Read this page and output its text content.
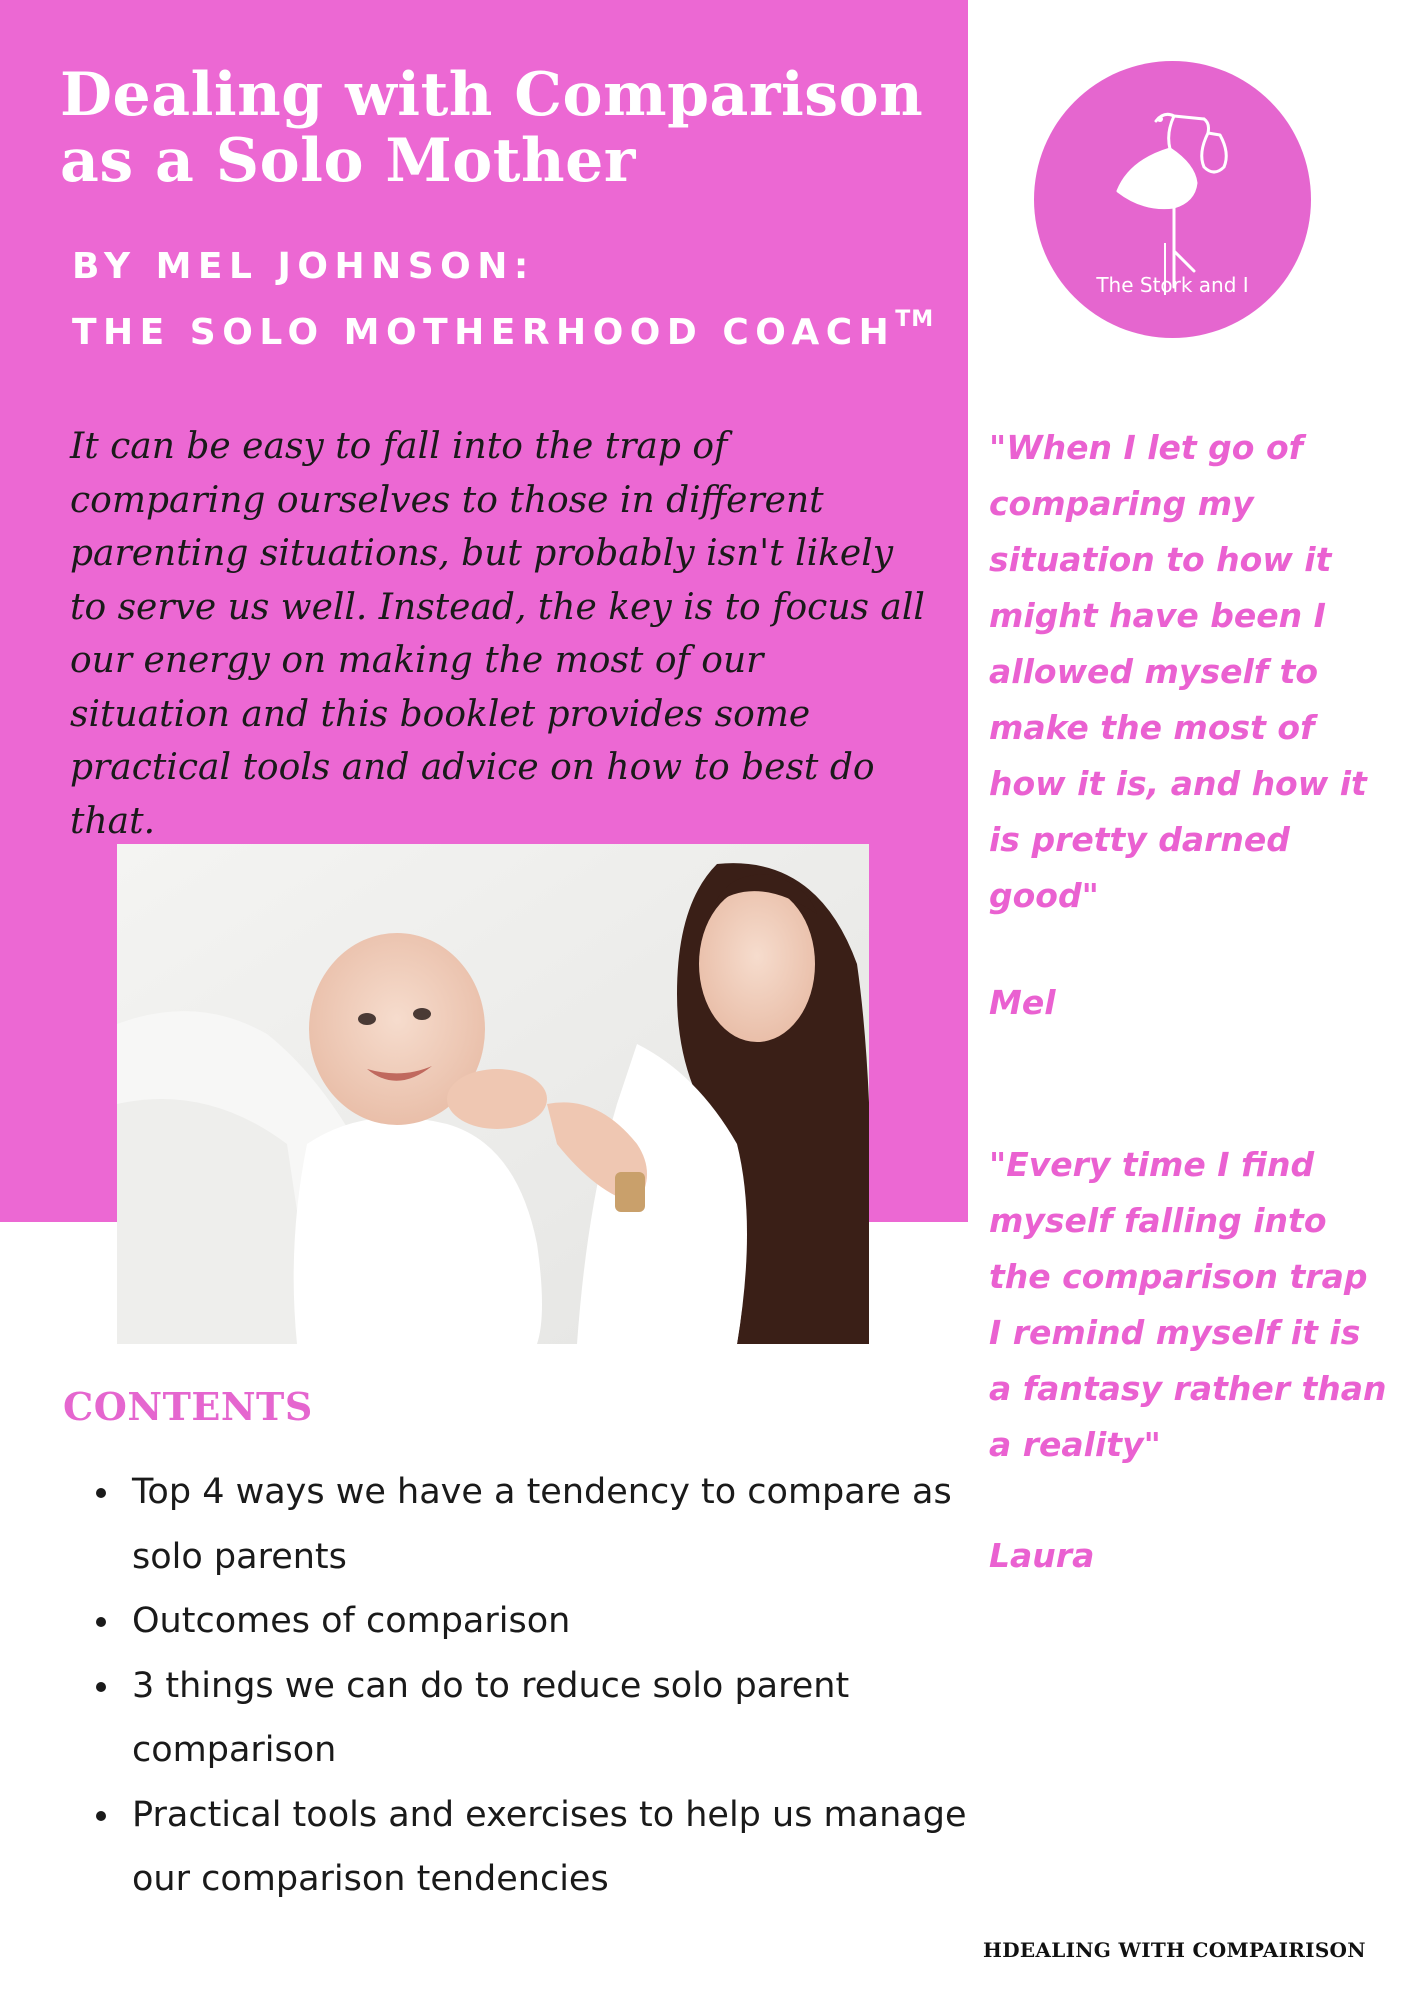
Dealing with Comparison
as a Solo Mother
BY MEL JOHNSON:
THE SOLO MOTHERHOOD COACH™

It can be easy to fall into the trap of comparing ourselves to those in different parenting situations, but probably isn't likely to serve us well. Instead, the key is to focus all our energy on making the most of our situation and this booklet provides some practical tools and advice on how to best do that.

The Stork and I

"When I let go of comparing my situation to how it might have been I allowed myself to make the most of how it is, and how it is pretty darned good"

Mel

"Every time I find myself falling into the comparison trap I remind myself it is a fantasy rather than a reality"

Laura
CONTENTS
Top 4 ways we have a tendency to compare as solo parents
Outcomes of comparison
3 things we can do to reduce solo parent comparison
Practical tools and exercises to help us manage our comparison tendencies
HDEALING WITH COMPAIRISON
